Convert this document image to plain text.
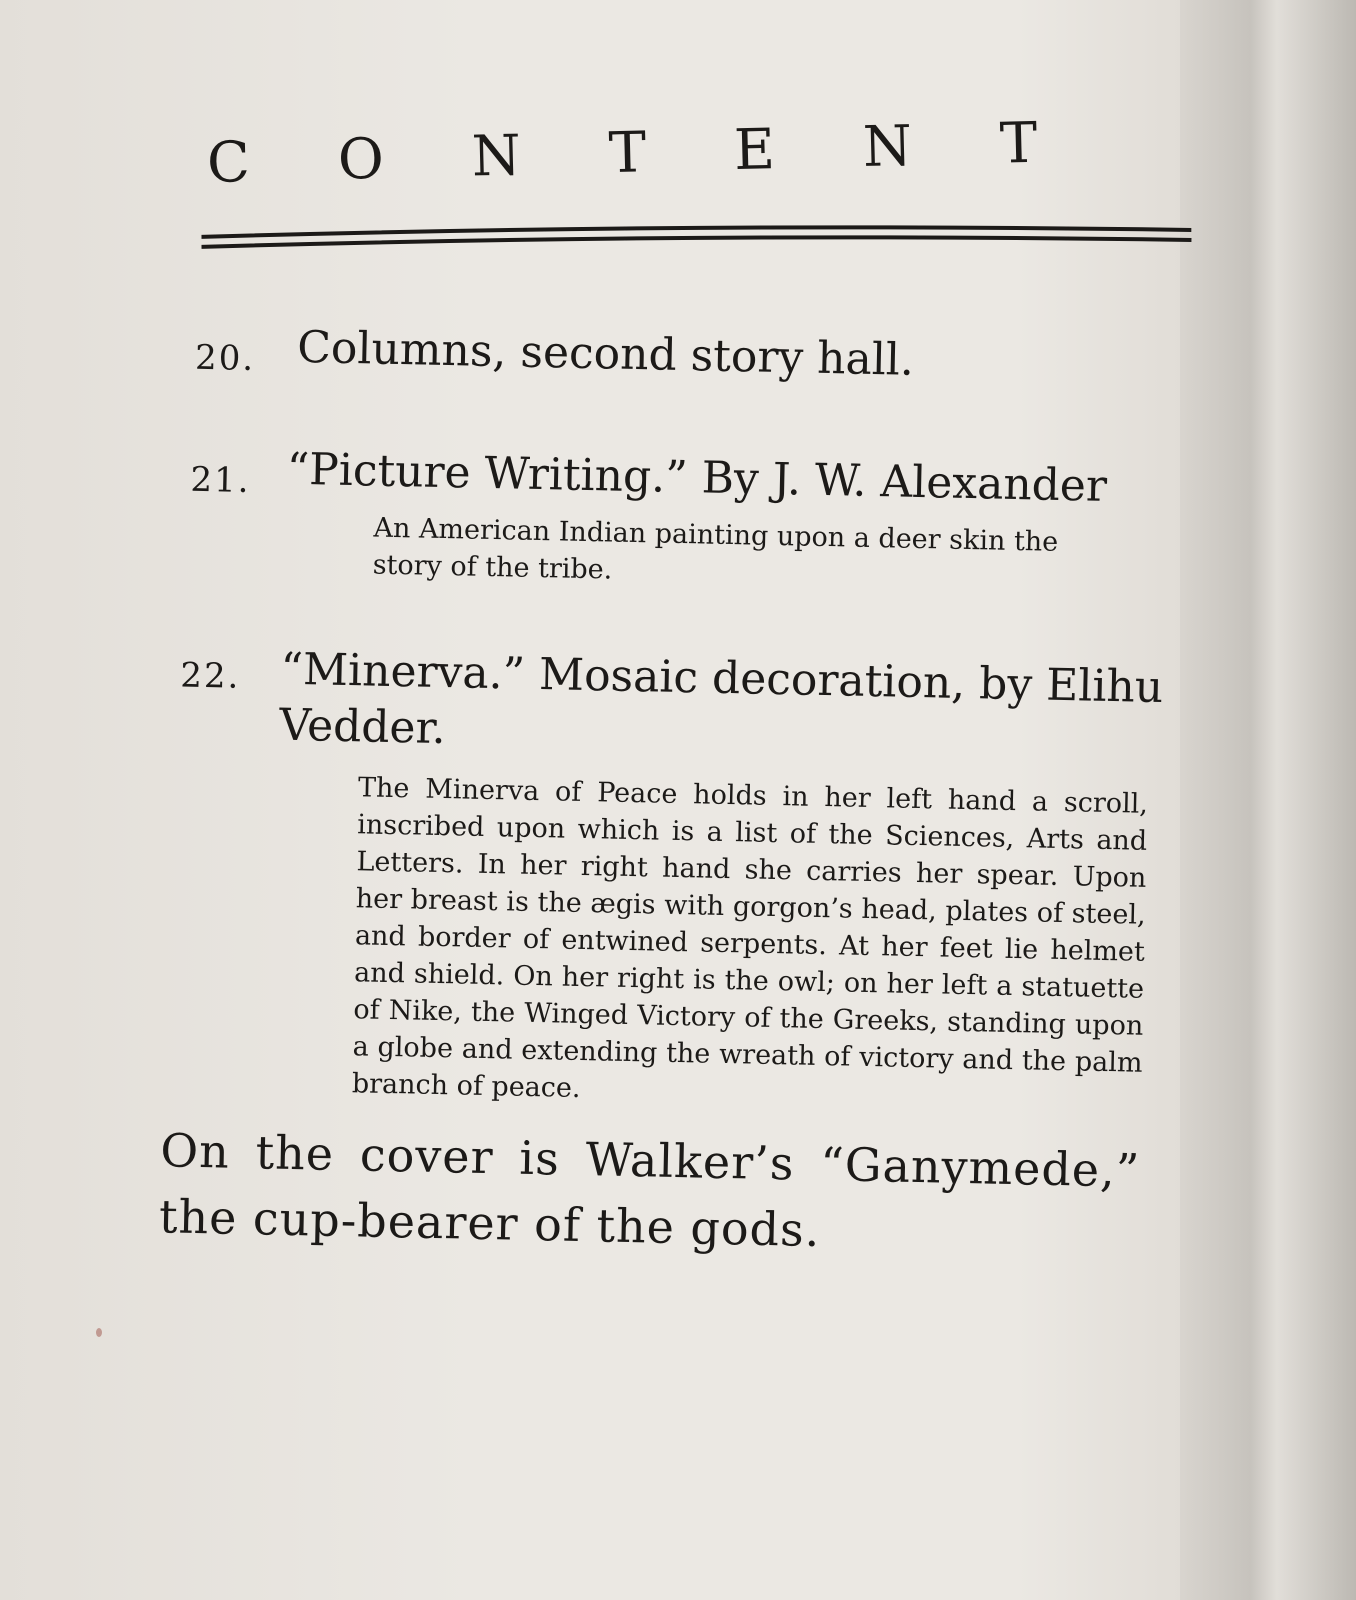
CONTENT
20. Columns, second story hall.
21. “Picture Writing.” By J. W. Alexander
An American Indian painting upon a deer skin the story of the tribe.
22. “Minerva.” Mosaic decoration, by Elihu Vedder.
The Minerva of Peace holds in her left hand a scroll, inscribed upon which is a list of the Sciences, Arts and Letters. In her right hand she carries her spear. Upon her breast is the ægis with gorgon’s head, plates of steel, and border of entwined serpents. At her feet lie helmet and shield. On her right is the owl; on her left a statuette of Nike, the Winged Victory of the Greeks, standing upon a globe and extending the wreath of victory and the palm branch of peace.
On the cover is Walker’s “Ganymede,” the cup-bearer of the gods.
